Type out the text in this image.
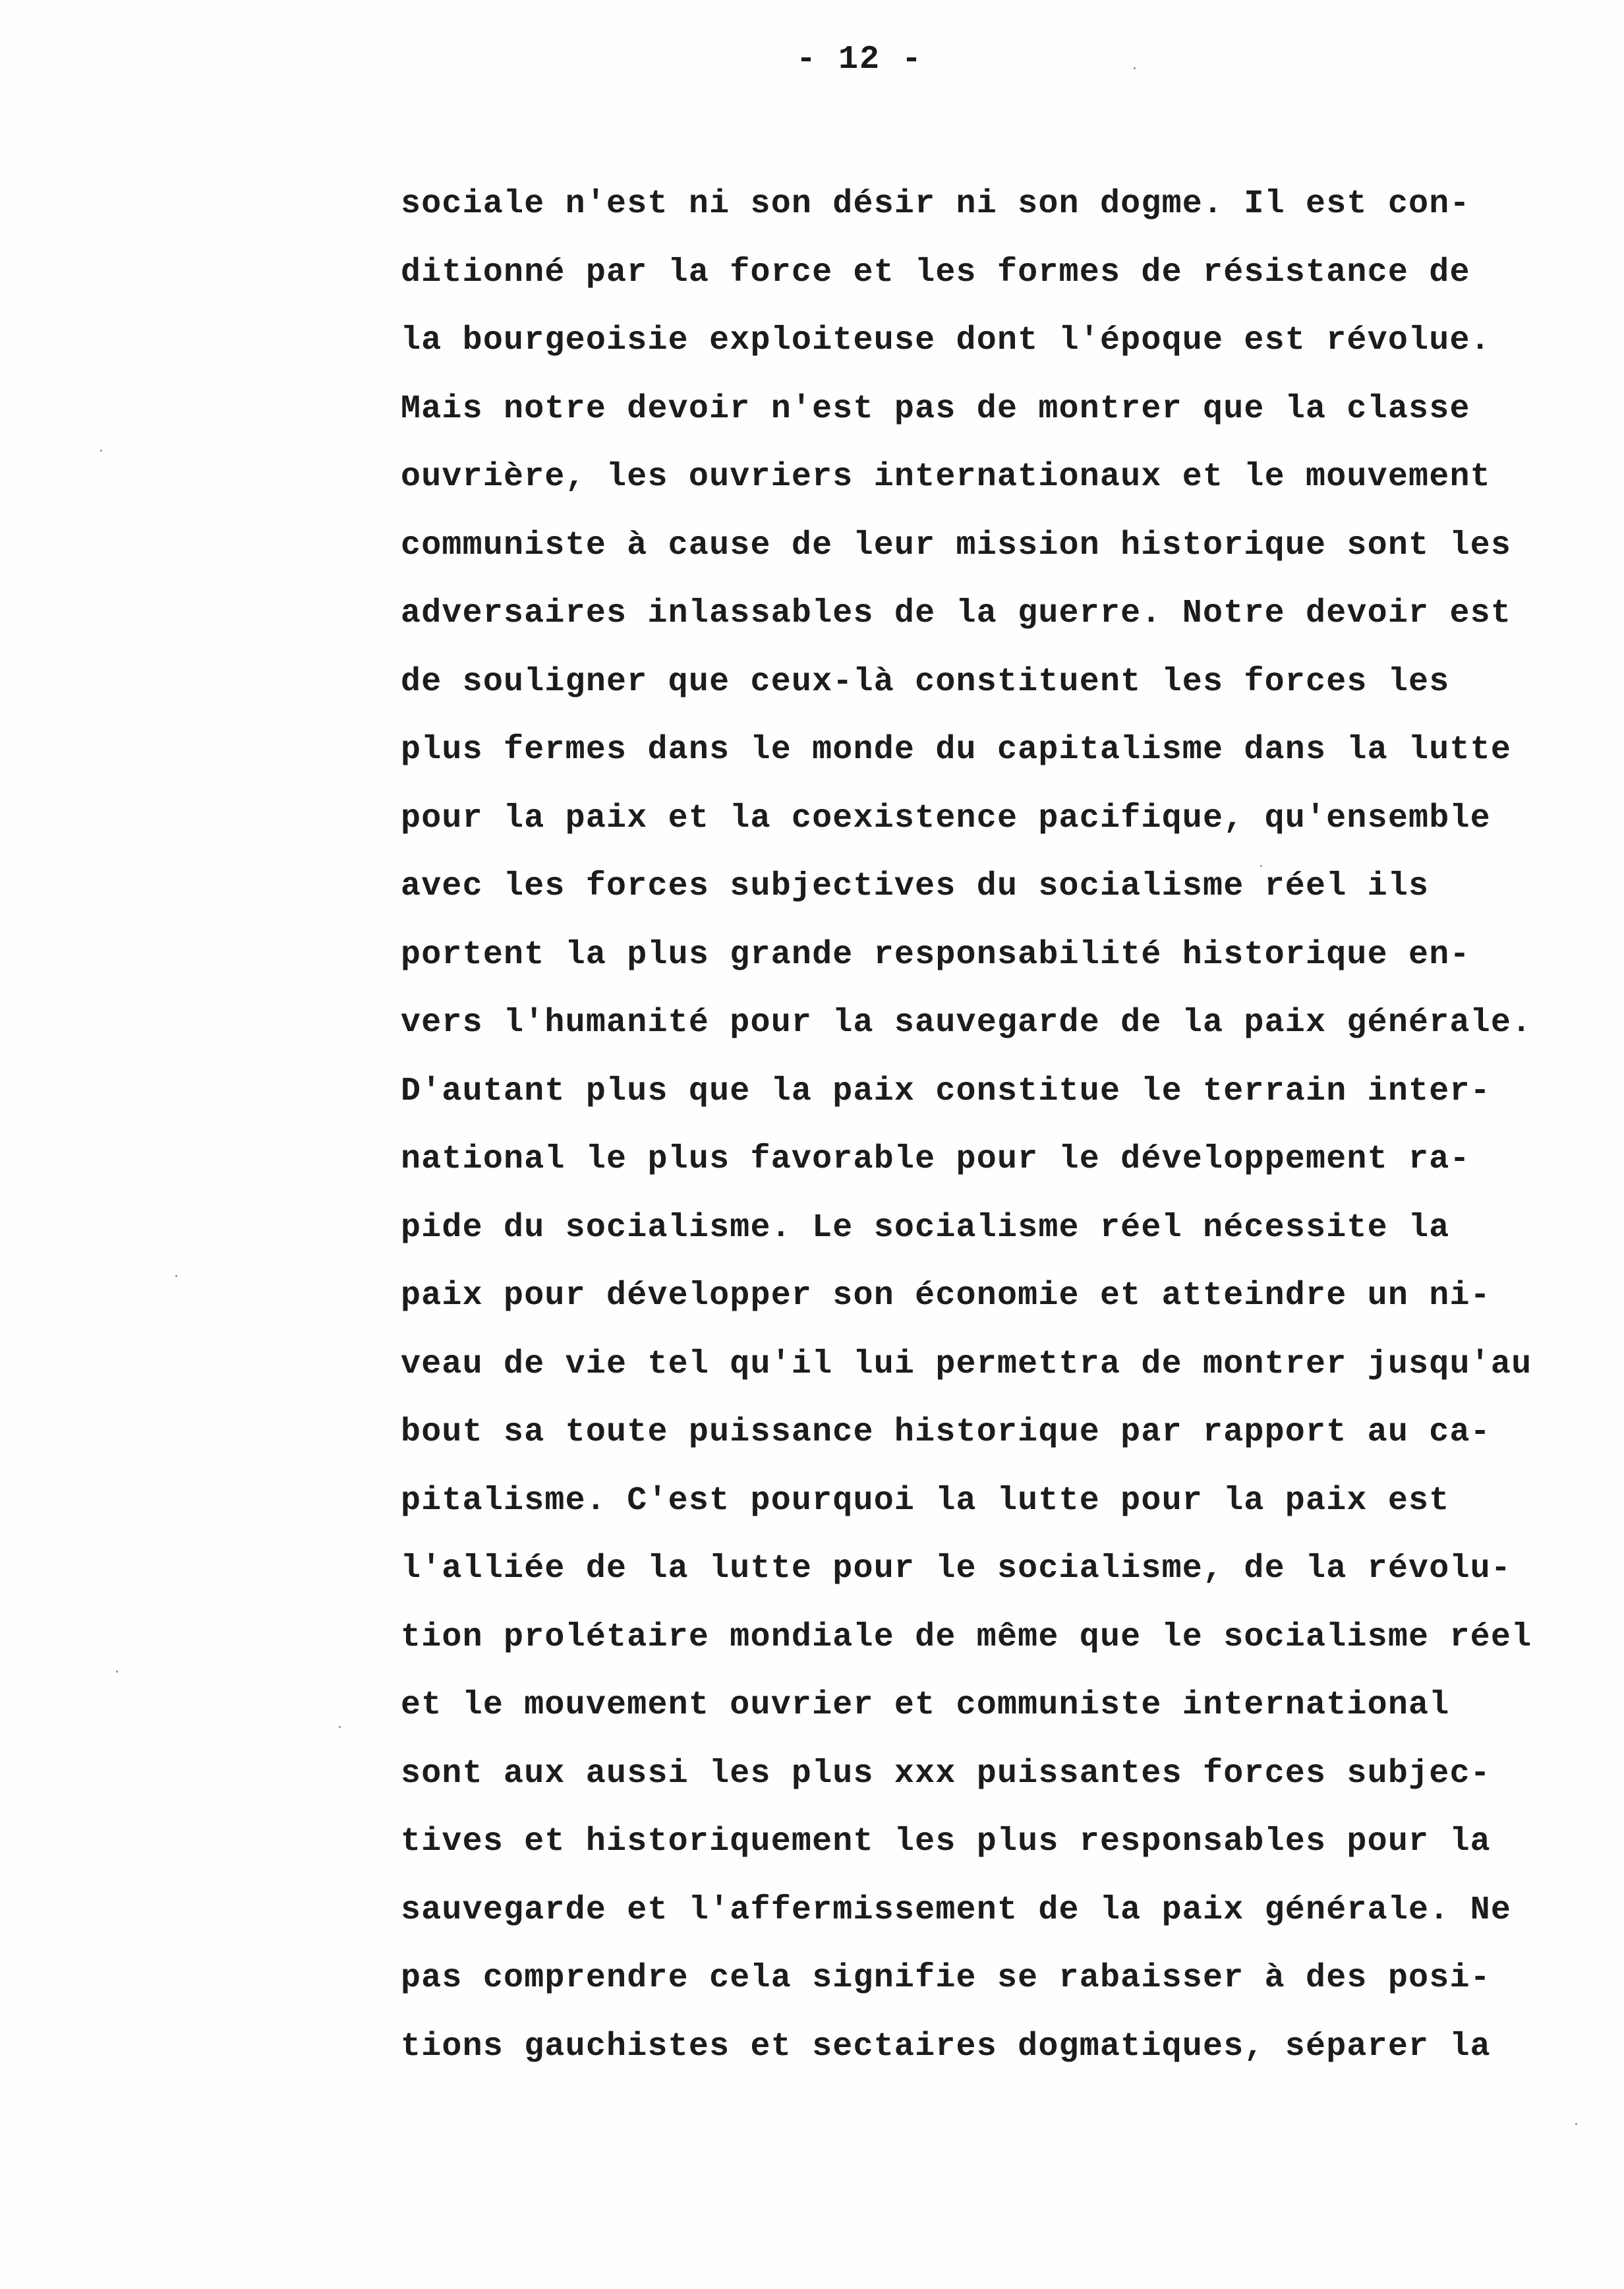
- 12 -
sociale n'est ni son désir ni son dogme. Il est con-
ditionné par la force et les formes de résistance de
la bourgeoisie exploiteuse dont l'époque est révolue.
Mais notre devoir n'est pas de montrer que la classe
ouvrière, les ouvriers internationaux et le mouvement
communiste à cause de leur mission historique sont les
adversaires inlassables de la guerre. Notre devoir est
de souligner que ceux-là constituent les forces les
plus fermes dans le monde du capitalisme dans la lutte
pour la paix et la coexistence pacifique, qu'ensemble
avec les forces subjectives du socialisme réel ils
portent la plus grande responsabilité historique en-
vers l'humanité pour la sauvegarde de la paix générale.
D'autant plus que la paix constitue le terrain inter-
national le plus favorable pour le développement ra-
pide du socialisme. Le socialisme réel nécessite la
paix pour développer son économie et atteindre un ni-
veau de vie tel qu'il lui permettra de montrer jusqu'au
bout sa toute puissance historique par rapport au ca-
pitalisme. C'est pourquoi la lutte pour la paix est
l'alliée de la lutte pour le socialisme, de la révolu-
tion prolétaire mondiale de même que le socialisme réel
et le mouvement ouvrier et communiste international
sont aux aussi les plus xxx puissantes forces subjec-
tives et historiquement les plus responsables pour la
sauvegarde et l'affermissement de la paix générale. Ne
pas comprendre cela signifie se rabaisser à des posi-
tions gauchistes et sectaires dogmatiques, séparer la
